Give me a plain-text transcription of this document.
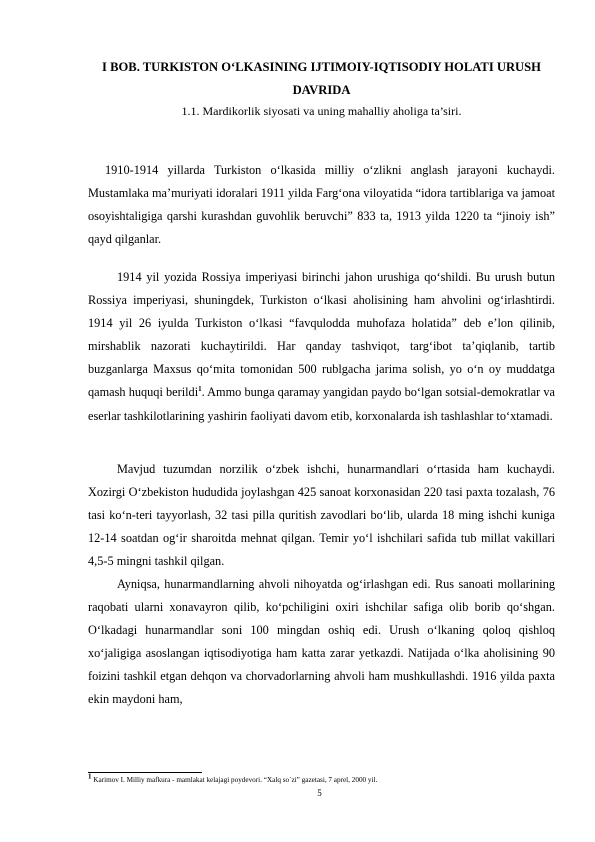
I BOB. TURKISTON O‘LKASINING IJTIMOIY-IQTISODIY HOLATI URUSH DAVRIDA
1.1. Mardikorlik siyosati va uning mahalliy aholiga ta’siri.

1910-1914 yillarda Turkiston o‘lkasida milliy o‘zlikni anglash jarayoni kuchaydi. Mustamlaka ma’muriyati idoralari 1911 yilda Farg‘ona viloyatida “idora tartiblariga va jamoat osoyishtaligiga qarshi kurashdan guvohlik beruvchi” 833 ta, 1913 yilda 1220 ta “jinoiy ish” qayd qilganlar.

1914 yil yozida Rossiya imperiyasi birinchi jahon urushiga qo‘shildi. Bu urush butun Rossiya imperiyasi, shuningdek, Turkiston o‘lkasi aholisining ham ahvolini og‘irlashtirdi. 1914 yil 26 iyulda Turkiston o‘lkasi “favqulodda muhofaza holatida” deb e’lon qilinib, mirshablik nazorati kuchaytirildi. Har qanday tashviqot, targ‘ibot ta’qiqlanib, tartib buzganlarga Maxsus qo‘mita tomonidan 500 rublgacha jarima solish, yo o‘n oy muddatga qamash huquqi berildi$^1$. Ammo bunga qaramay yangidan paydo bo‘lgan sotsial-demokratlar va eserlar tashkilotlarining yashirin faoliyati davom etib, korxonalarda ish tashlashlar to‘xtamadi.

Mavjud tuzumdan norzilik o‘zbek ishchi, hunarmandlari o‘rtasida ham kuchaydi. Xozirgi O‘zbekiston hududida joylashgan 425 sanoat korxonasidan 220 tasi paxta tozalash, 76 tasi ko‘n-teri tayyorlash, 32 tasi pilla quritish zavodlari bo‘lib, ularda 18 ming ishchi kuniga 12-14 soatdan og‘ir sharoitda mehnat qilgan. Temir yo‘l ishchilari safida tub millat vakillari 4,5-5 mingni tashkil qilgan.

Ayniqsa, hunarmandlarning ahvoli nihoyatda og‘irlashgan edi. Rus sanoati mollarining raqobati ularni xonavayron qilib, ko‘pchiligini oxiri ishchilar safiga olib borib qo‘shgan. O‘lkadagi hunarmandlar soni 100 mingdan oshiq edi. Urush o‘lkaning qoloq qishloq xo‘jaligiga asoslangan iqtisodiyotiga ham katta zarar yetkazdi. Natijada o‘lka aholisining 90 foizini tashkil etgan dehqon va chorvadorlarning ahvoli ham mushkullashdi. 1916 yilda paxta ekin maydoni ham,

$^1$ Karimov I. Milliy mafkura - mamlakat kelajagi poydevori. “Xalq so`zi” gazetasi, 7 aprel, 2000 yil.
5
